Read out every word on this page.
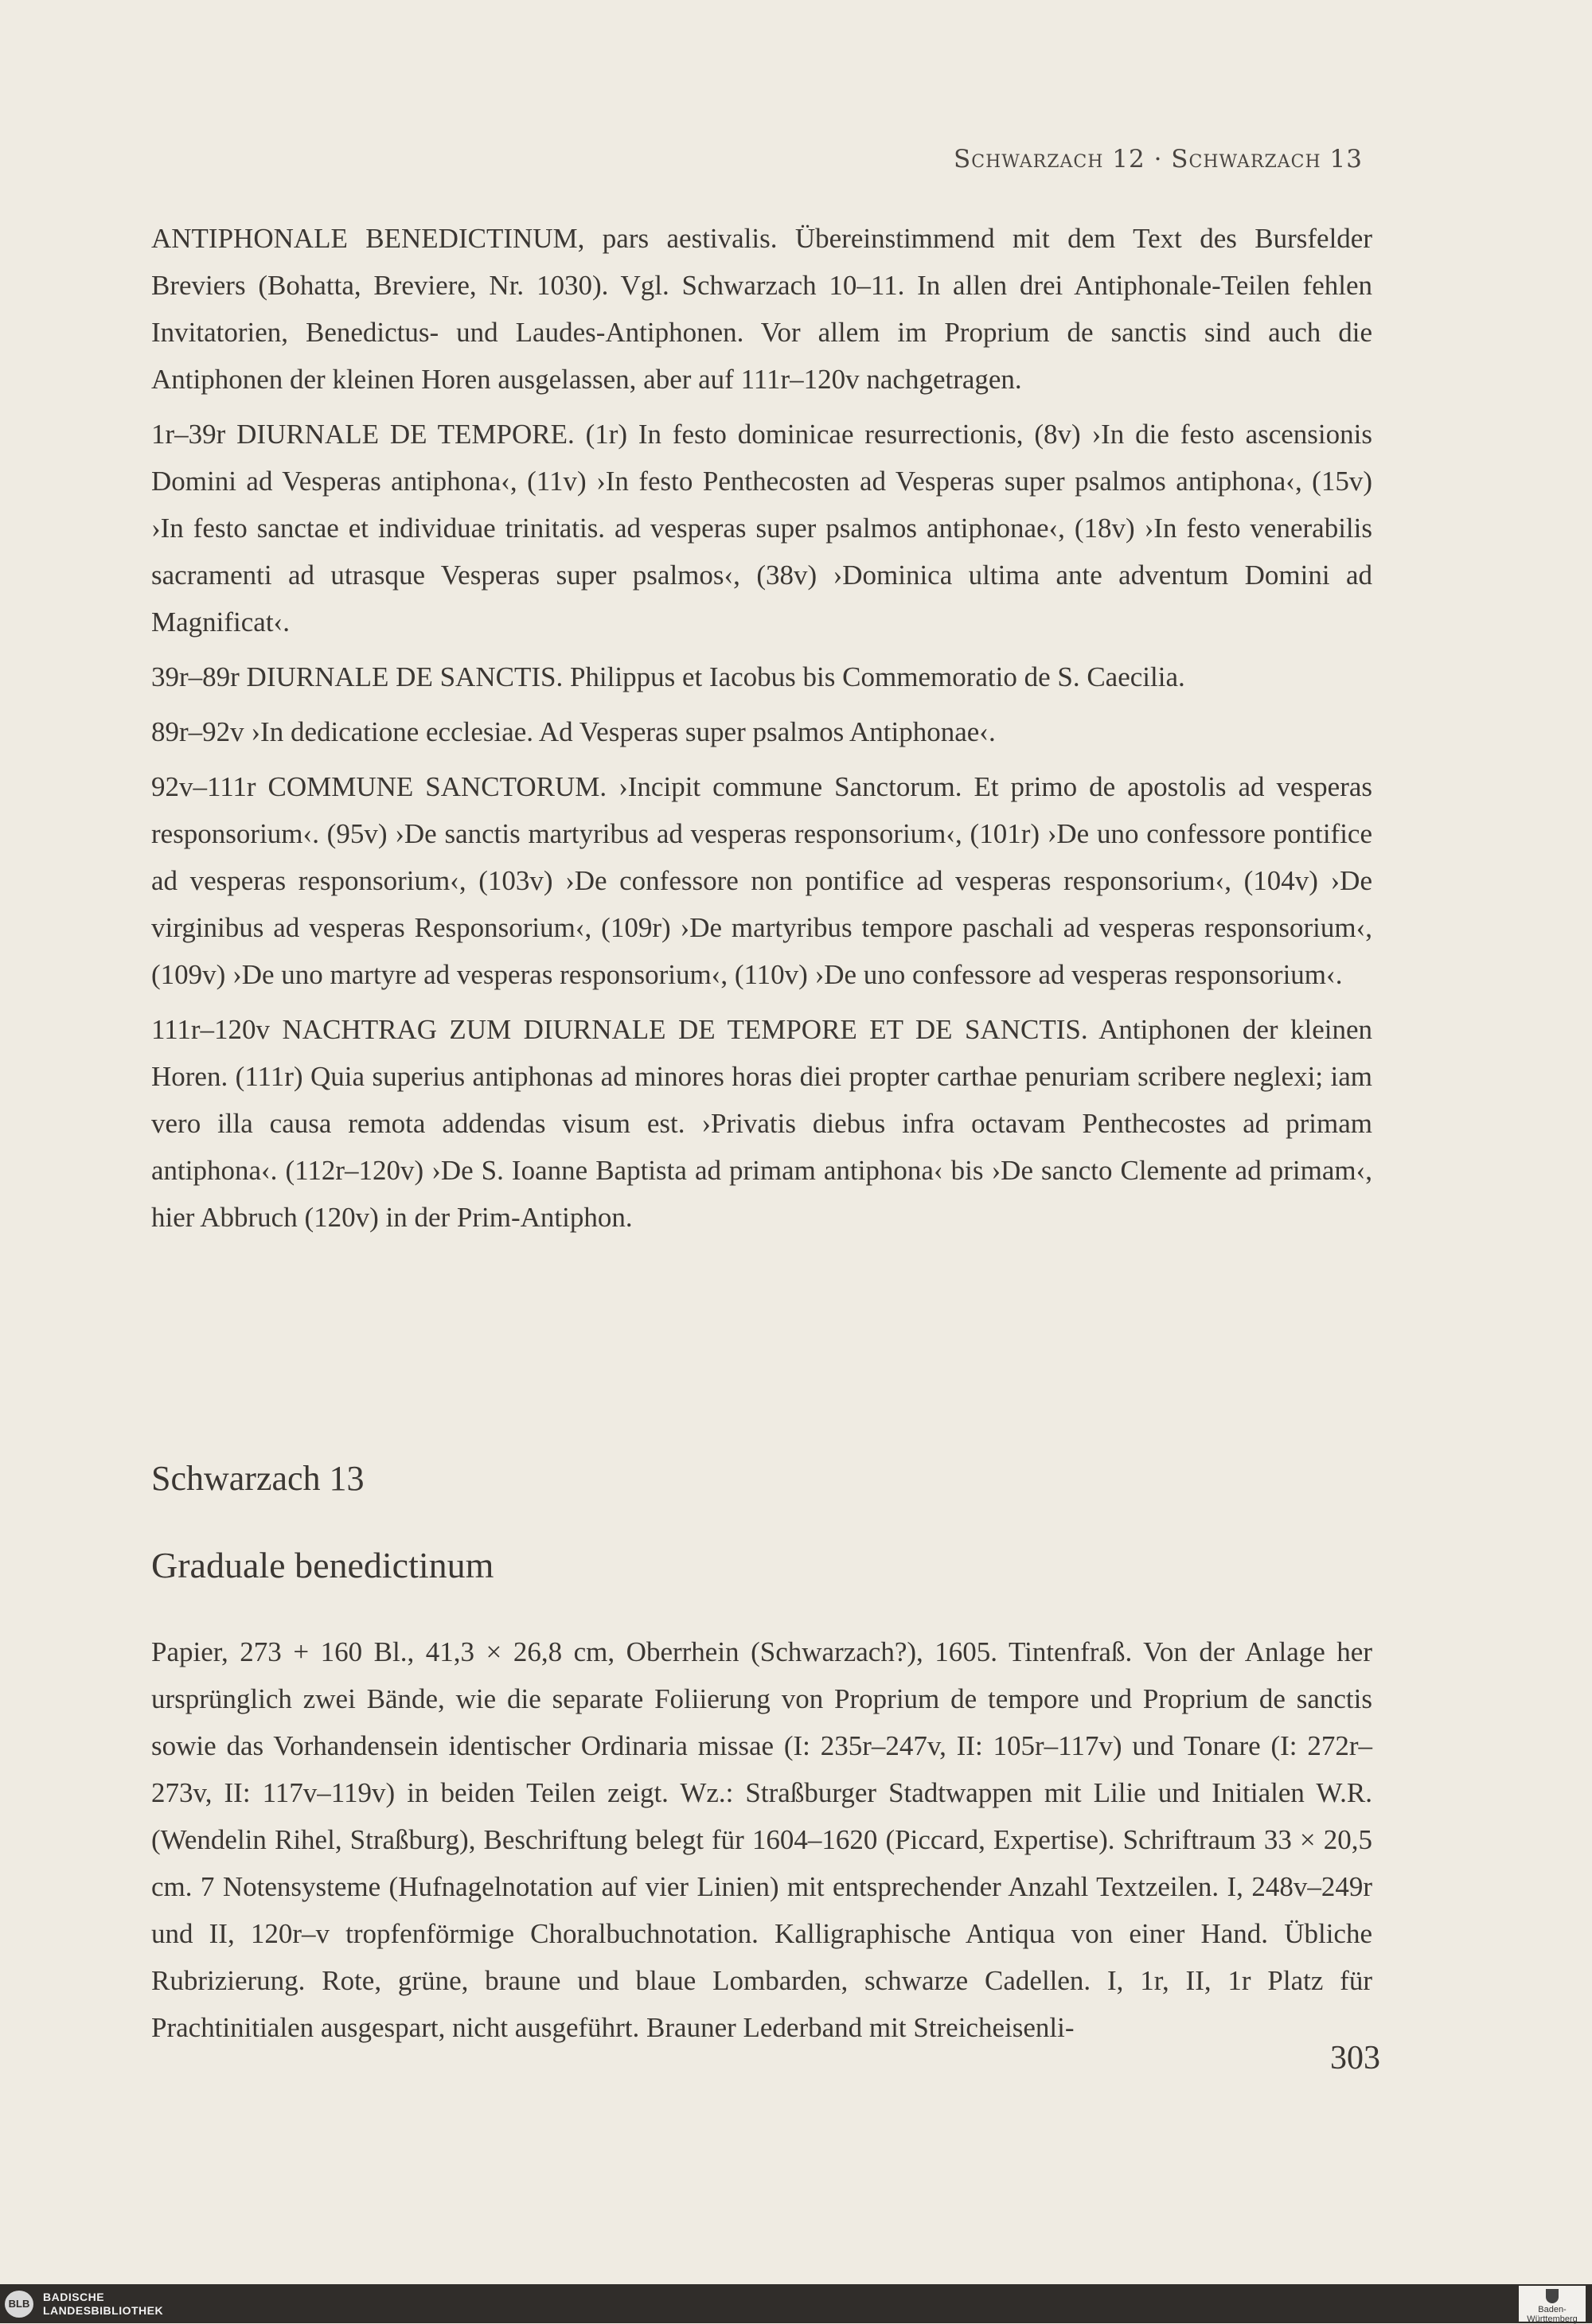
Schwarzach 12 · Schwarzach 13

ANTIPHONALE BENEDICTINUM, pars aestivalis. Übereinstimmend mit dem Text des Bursfelder Breviers (Bohatta, Breviere, Nr. 1030). Vgl. Schwarzach 10–11. In allen drei Antiphonale-Teilen fehlen Invitatorien, Benedictus- und Laudes-Antiphonen. Vor allem im Proprium de sanctis sind auch die Antiphonen der kleinen Horen ausgelassen, aber auf 111r–120v nachgetragen.

1r–39r DIURNALE DE TEMPORE. (1r) In festo dominicae resurrectionis, (8v) ›In die festo ascensionis Domini ad Vesperas antiphona‹, (11v) ›In festo Penthecosten ad Vesperas super psalmos antiphona‹, (15v) ›In festo sanctae et individuae trinitatis. ad vesperas super psalmos antiphonae‹, (18v) ›In festo venerabilis sacramenti ad utrasque Vesperas super psalmos‹, (38v) ›Dominica ultima ante adventum Domini ad Magnificat‹.

39r–89r DIURNALE DE SANCTIS. Philippus et Iacobus bis Commemoratio de S. Caecilia.

89r–92v ›In dedicatione ecclesiae. Ad Vesperas super psalmos Antiphonae‹.

92v–111r COMMUNE SANCTORUM. ›Incipit commune Sanctorum. Et primo de apostolis ad vesperas responsorium‹. (95v) ›De sanctis martyribus ad vesperas responsorium‹, (101r) ›De uno confessore pontifice ad vesperas responsorium‹, (103v) ›De confessore non pontifice ad vesperas responsorium‹, (104v) ›De virginibus ad vesperas Responsorium‹, (109r) ›De martyribus tempore paschali ad vesperas responsorium‹, (109v) ›De uno martyre ad vesperas responsorium‹, (110v) ›De uno confessore ad vesperas responsorium‹.

111r–120v NACHTRAG ZUM DIURNALE DE TEMPORE ET DE SANCTIS. Antiphonen der kleinen Horen. (111r) Quia superius antiphonas ad minores horas diei propter carthae penuriam scribere neglexi; iam vero illa causa remota addendas visum est. ›Privatis diebus infra octavam Penthecostes ad primam antiphona‹. (112r–120v) ›De S. Ioanne Baptista ad primam antiphona‹ bis ›De sancto Clemente ad primam‹, hier Abbruch (120v) in der Prim-Antiphon.

Schwarzach 13
Graduale benedictinum

Papier, 273 + 160 Bl., 41,3 × 26,8 cm, Oberrhein (Schwarzach?), 1605. Tintenfraß. Von der Anlage her ursprünglich zwei Bände, wie die separate Foliierung von Proprium de tempore und Proprium de sanctis sowie das Vorhandensein identischer Ordinaria missae (I: 235r–247v, II: 105r–117v) und Tonare (I: 272r–273v, II: 117v–119v) in beiden Teilen zeigt. Wz.: Straßburger Stadtwappen mit Lilie und Initialen W.R. (Wendelin Rihel, Straßburg), Beschriftung belegt für 1604–1620 (Piccard, Expertise). Schriftraum 33 × 20,5 cm. 7 Notensysteme (Hufnagelnotation auf vier Linien) mit entsprechender Anzahl Textzeilen. I, 248v–249r und II, 120r–v tropfenförmige Choralbuchnotation. Kalligraphische Antiqua von einer Hand. Übliche Rubrizierung. Rote, grüne, braune und blaue Lombarden, schwarze Cadellen. I, 1r, II, 1r Platz für Prachtinitialen ausgespart, nicht ausgeführt. Brauner Lederband mit Streicheisenli-

303
BLB
BADISCHE
LANDESBIBLIOTHEK	Baden-Württemberg
